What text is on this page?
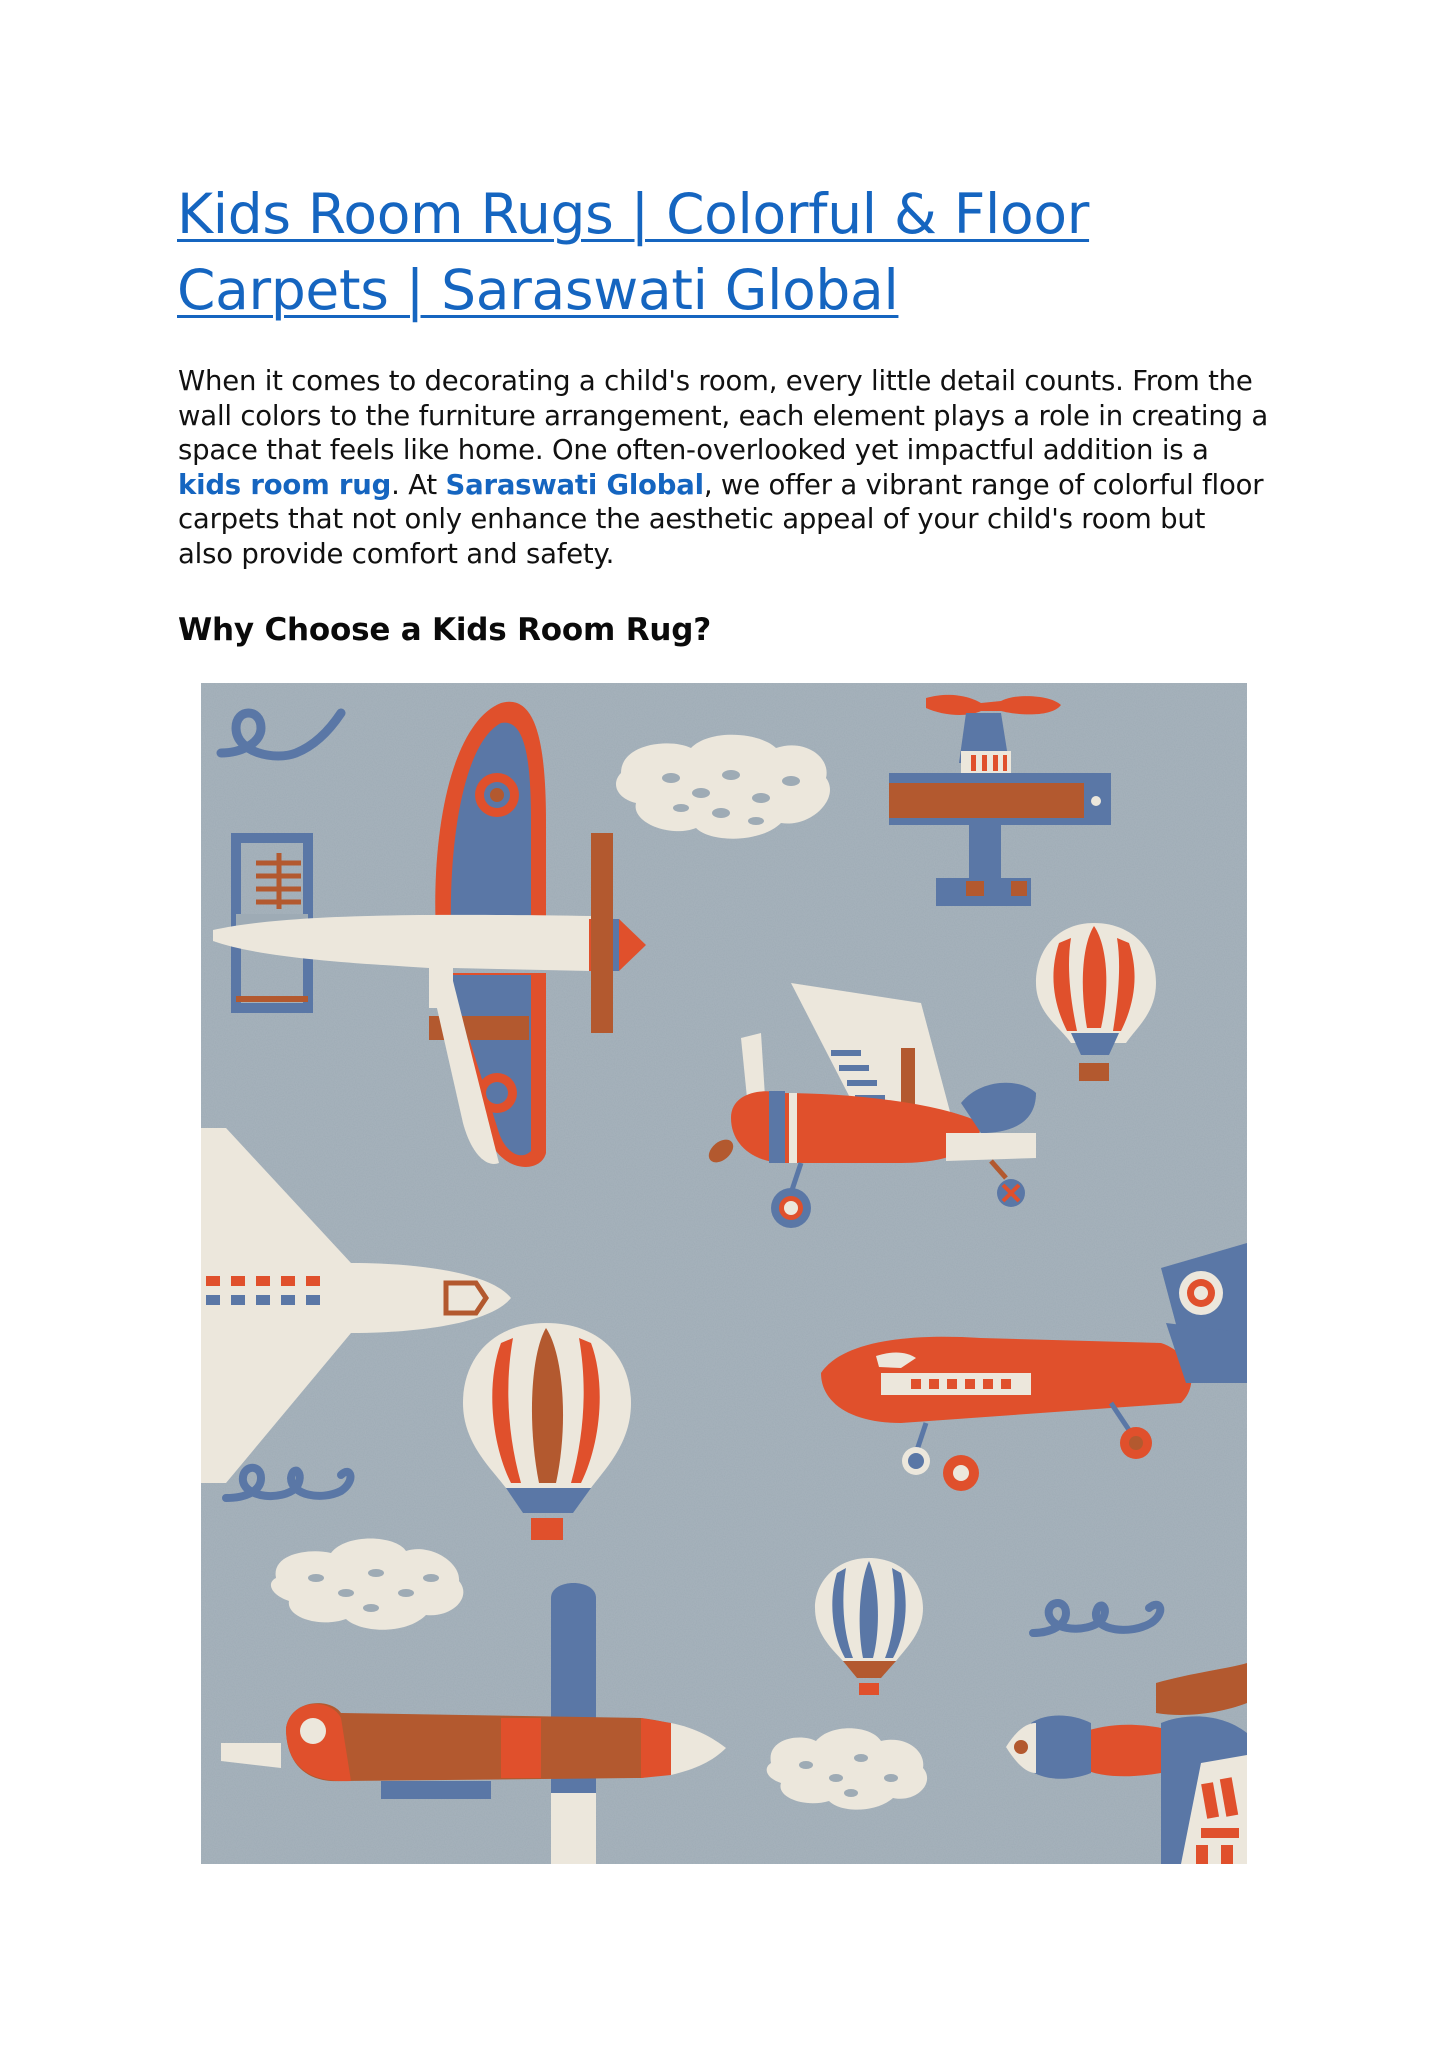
Kids Room Rugs | Colorful & Floor
Carpets | Saraswati Global

When it comes to decorating a child's room, every little detail counts. From the wall colors to the furniture arrangement, each element plays a role in creating a space that feels like home. One often-overlooked yet impactful addition is a kids room rug. At Saraswati Global, we offer a vibrant range of colorful floor carpets that not only enhance the aesthetic appeal of your child's room but also provide comfort and safety.

Why Choose a Kids Room Rug?
